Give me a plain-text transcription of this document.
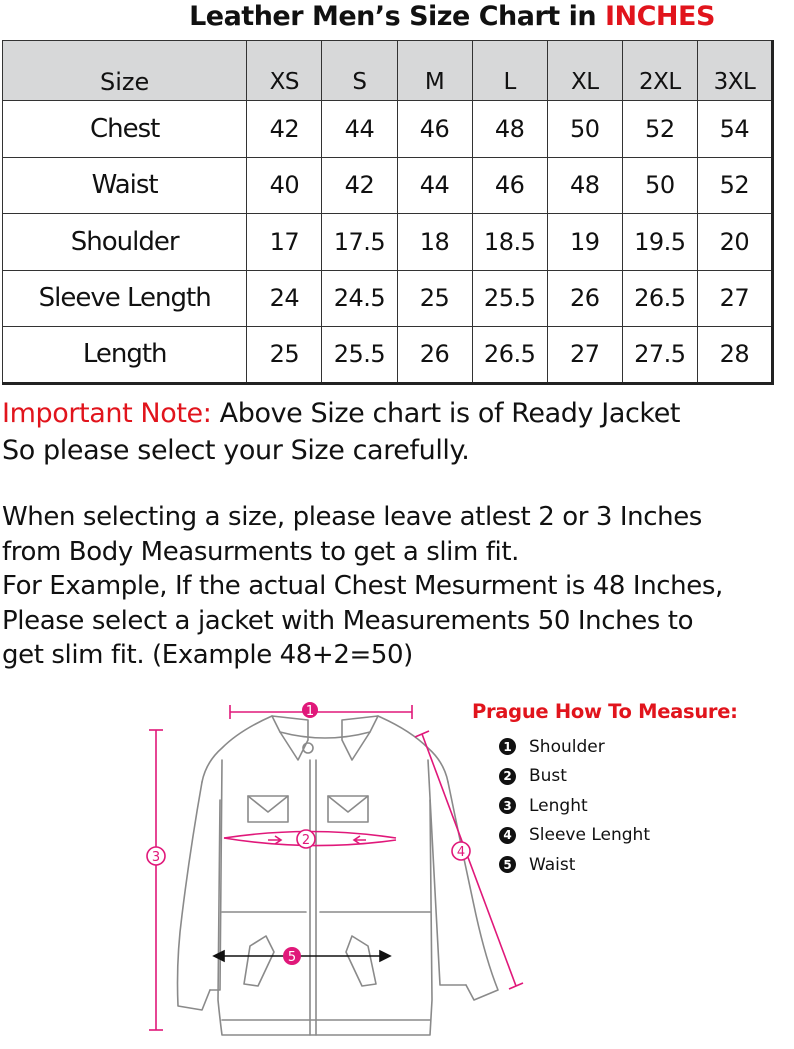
Leather Men’s Size Chart in INCHES
Size	XS	S	M	L	XL	2XL	3XL
Chest	42	44	46	48	50	52	54
Waist	40	42	44	46	48	50	52
Shoulder	17	17.5	18	18.5	19	19.5	20
Sleeve Length	24	24.5	25	25.5	26	26.5	27
Length	25	25.5	26	26.5	27	27.5	28
Important Note: Above Size chart is of Ready Jacket
So please select your Size carefully.
When selecting a size, please leave atlest 2 or 3 Inches
from Body Measurments to get a slim fit.
For Example, If the actual Chest Mesurment is 48 Inches,
Please select a jacket with Measurements 50 Inches to
get slim fit. (Example 48+2=50)
1
2
3	4
5
Prague How To Measure:
1 Shoulder
2 Bust
3 Lenght
4 Sleeve Lenght
5 Waist
